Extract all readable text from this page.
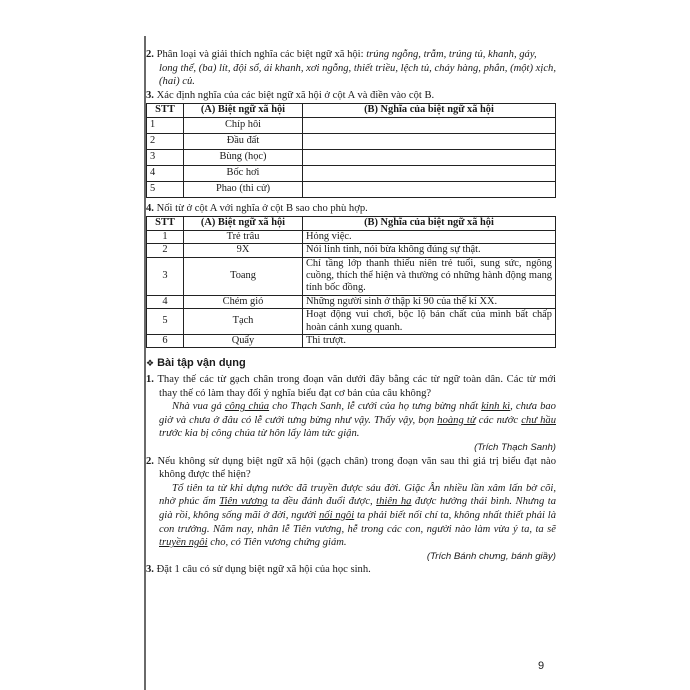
2. Phân loại và giải thích nghĩa các biệt ngữ xã hội: trúng ngỗng, trẫm, trúng tủ, khanh, gáy, long thể, (ba) lít, đội sổ, ái khanh, xơi ngỗng, thiết triều, lệch tủ, cháy hàng, phắn, (một) xịch, (hai) củ.

3. Xác định nghĩa của các biệt ngữ xã hội ở cột A và điền vào cột B.

STT	(A) Biệt ngữ xã hội	(B) Nghĩa của biệt ngữ xã hội
1	Chíp hôi	
2	Đầu đất	
3	Bùng (học)	
4	Bốc hơi	
5	Phao (thi cử)	

4. Nối từ ở cột A với nghĩa ở cột B sao cho phù hợp.

STT	(A) Biệt ngữ xã hội	(B) Nghĩa của biệt ngữ xã hội
1	Trẻ trâu	Hỏng việc.
2	9X	Nói linh tinh, nói bừa không đúng sự thật.
3	Toang	Chỉ tầng lớp thanh thiếu niên trẻ tuổi, sung sức, ngông cuồng, thích thể hiện và thường có những hành động mang tính bốc đồng.
4	Chém gió	Những người sinh ở thập kỉ 90 của thế kỉ XX.
5	Tạch	Hoạt động vui chơi, bộc lộ bản chất của mình bất chấp hoàn cảnh xung quanh.
6	Quẩy	Thi trượt.

❖ Bài tập vận dụng

1. Thay thế các từ gạch chân trong đoạn văn dưới đây bằng các từ ngữ toàn dân. Các từ mới thay thế có làm thay đổi ý nghĩa biểu đạt cơ bản của câu không?

Nhà vua gả công chúa cho Thạch Sanh, lễ cưới của họ tưng bừng nhất kinh kì, chưa bao giờ và chưa ở đâu có lễ cưới tưng bừng như vậy. Thấy vậy, bọn hoàng tử các nước chư hầu trước kia bị công chúa từ hôn lấy làm tức giận.

(Trích Thạch Sanh)

2. Nếu không sử dụng biệt ngữ xã hội (gạch chân) trong đoạn văn sau thì giá trị biểu đạt nào không được thể hiện?

Tổ tiên ta từ khi dựng nước đã truyền được sáu đời. Giặc Ân nhiều lần xâm lấn bờ cõi, nhờ phúc ấm Tiên vương ta đều đánh đuổi được, thiên hạ được hưởng thái bình. Nhưng ta già rồi, không sống mãi ở đời, người nối ngôi ta phải biết nối chí ta, không nhất thiết phải là con trưởng. Năm nay, nhân lễ Tiên vương, hễ trong các con, người nào làm vừa ý ta, ta sẽ truyền ngôi cho, có Tiên vương chứng giám.

(Trích Bánh chưng, bánh giầy)

3. Đặt 1 câu có sử dụng biệt ngữ xã hội của học sinh.

9
